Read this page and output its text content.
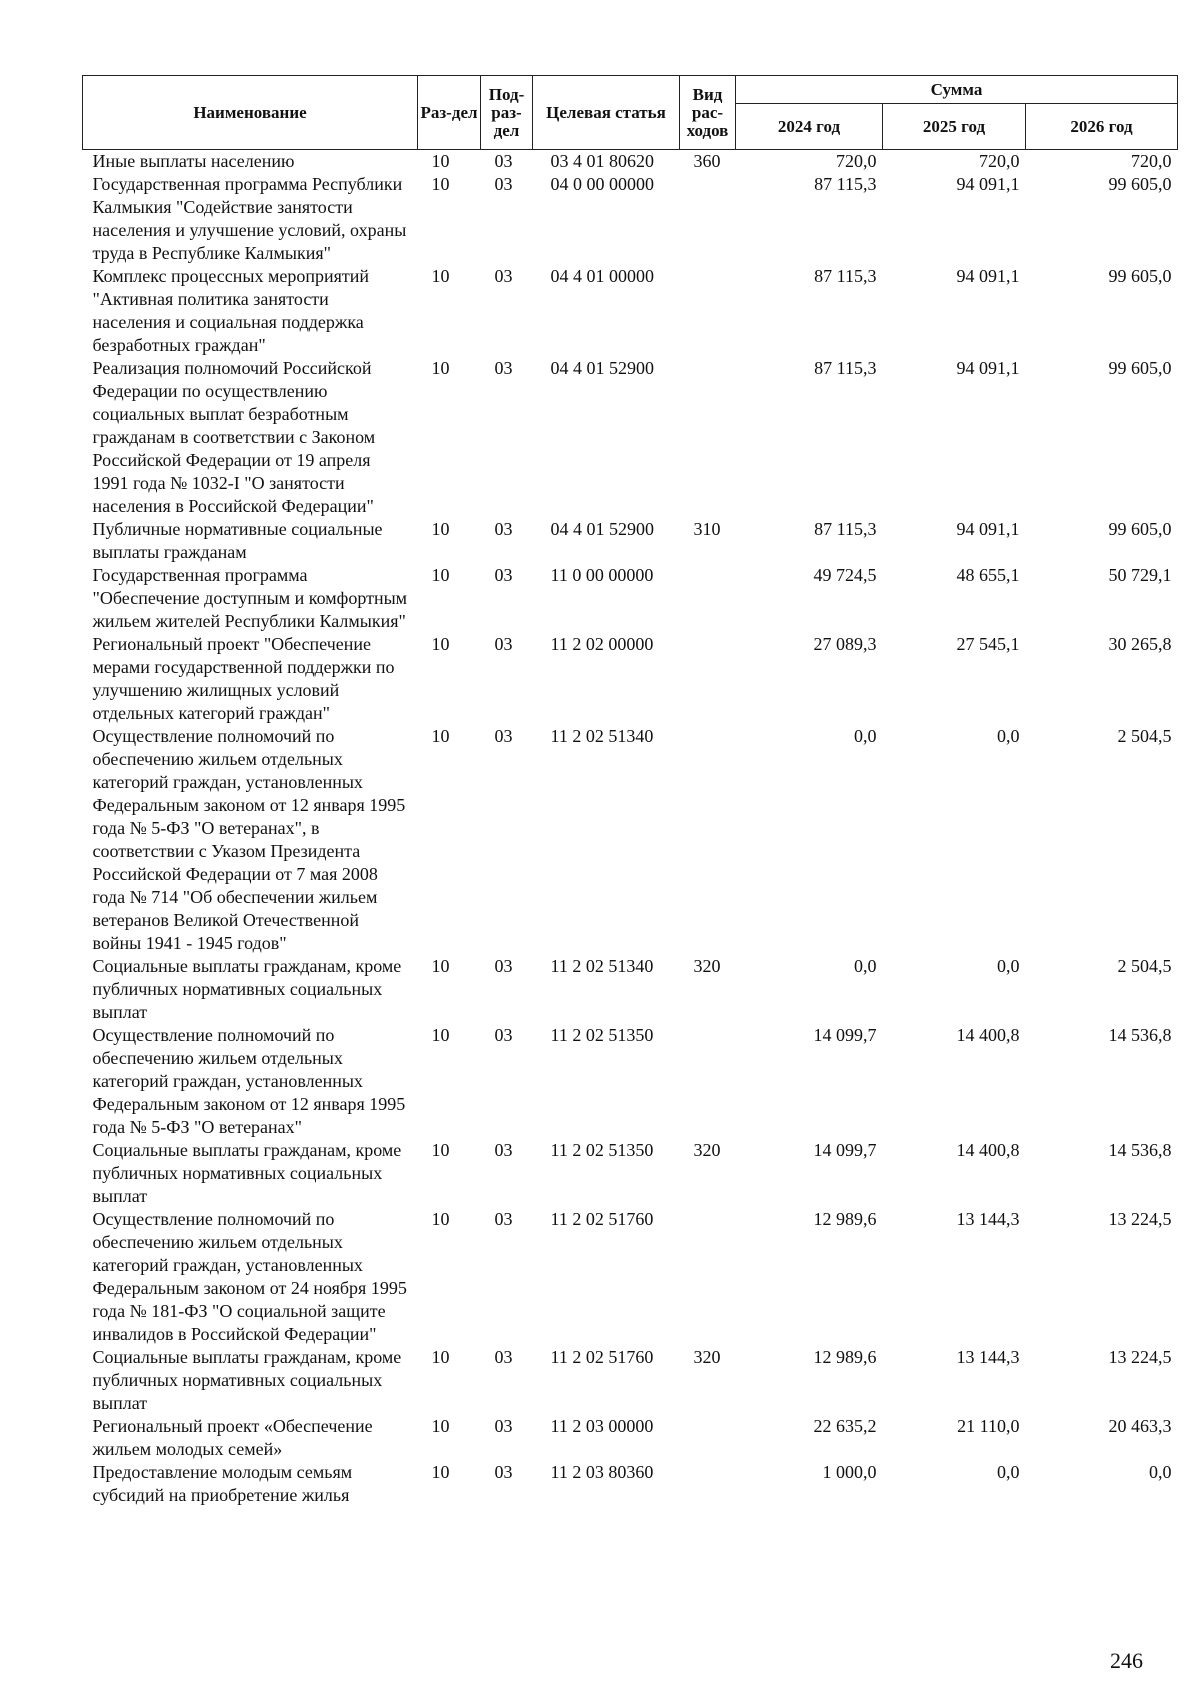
Наименование	Раз-дел	Под-раз-дел	Целевая статья	Вид рас-ходов	Сумма		
					2024 год	2025 год	2026 год
Иные выплаты населению	10	03	03 4 01 80620	360	720,0	720,0	720,0
Государственная программа Республики Калмыкия "Содействие занятости населения и улучшение условий, охраны труда в Республике Калмыкия"	10	03	04 0 00 00000		87 115,3	94 091,1	99 605,0
Комплекс процессных мероприятий "Активная политика занятости населения и социальная поддержка безработных граждан"	10	03	04 4 01 00000		87 115,3	94 091,1	99 605,0
Реализация полномочий Российской Федерации по осуществлению социальных выплат безработным гражданам в соответствии с Законом Российской Федерации от 19 апреля 1991 года № 1032-I "О занятости населения в Российской Федерации"	10	03	04 4 01 52900		87 115,3	94 091,1	99 605,0
Публичные нормативные социальные выплаты гражданам	10	03	04 4 01 52900	310	87 115,3	94 091,1	99 605,0
Государственная программа "Обеспечение доступным и комфортным жильем жителей Республики Калмыкия"	10	03	11 0 00 00000		49 724,5	48 655,1	50 729,1
Региональный проект "Обеспечение мерами государственной поддержки по улучшению жилищных условий отдельных категорий граждан"	10	03	11 2 02 00000		27 089,3	27 545,1	30 265,8
Осуществление полномочий по обеспечению жильем отдельных категорий граждан, установленных Федеральным законом от 12 января 1995 года № 5-ФЗ "О ветеранах", в соответствии с Указом Президента Российской Федерации от 7 мая 2008 года № 714 "Об обеспечении жильем ветеранов Великой Отечественной войны 1941 - 1945 годов"	10	03	11 2 02 51340		0,0	0,0	2 504,5
Социальные выплаты гражданам, кроме публичных нормативных социальных выплат	10	03	11 2 02 51340	320	0,0	0,0	2 504,5
Осуществление полномочий по обеспечению жильем отдельных категорий граждан, установленных Федеральным законом от 12 января 1995 года № 5-ФЗ "О ветеранах"	10	03	11 2 02 51350		14 099,7	14 400,8	14 536,8
Социальные выплаты гражданам, кроме публичных нормативных социальных выплат	10	03	11 2 02 51350	320	14 099,7	14 400,8	14 536,8
Осуществление полномочий по обеспечению жильем отдельных категорий граждан, установленных Федеральным законом от 24 ноября 1995 года № 181-ФЗ "О социальной защите инвалидов в Российской Федерации"	10	03	11 2 02 51760		12 989,6	13 144,3	13 224,5
Социальные выплаты гражданам, кроме публичных нормативных социальных выплат	10	03	11 2 02 51760	320	12 989,6	13 144,3	13 224,5
Региональный проект «Обеспечение жильем молодых семей»	10	03	11 2 03 00000		22 635,2	21 110,0	20 463,3
Предоставление молодым семьям субсидий на приобретение жилья	10	03	11 2 03 80360		1 000,0	0,0	0,0
246
